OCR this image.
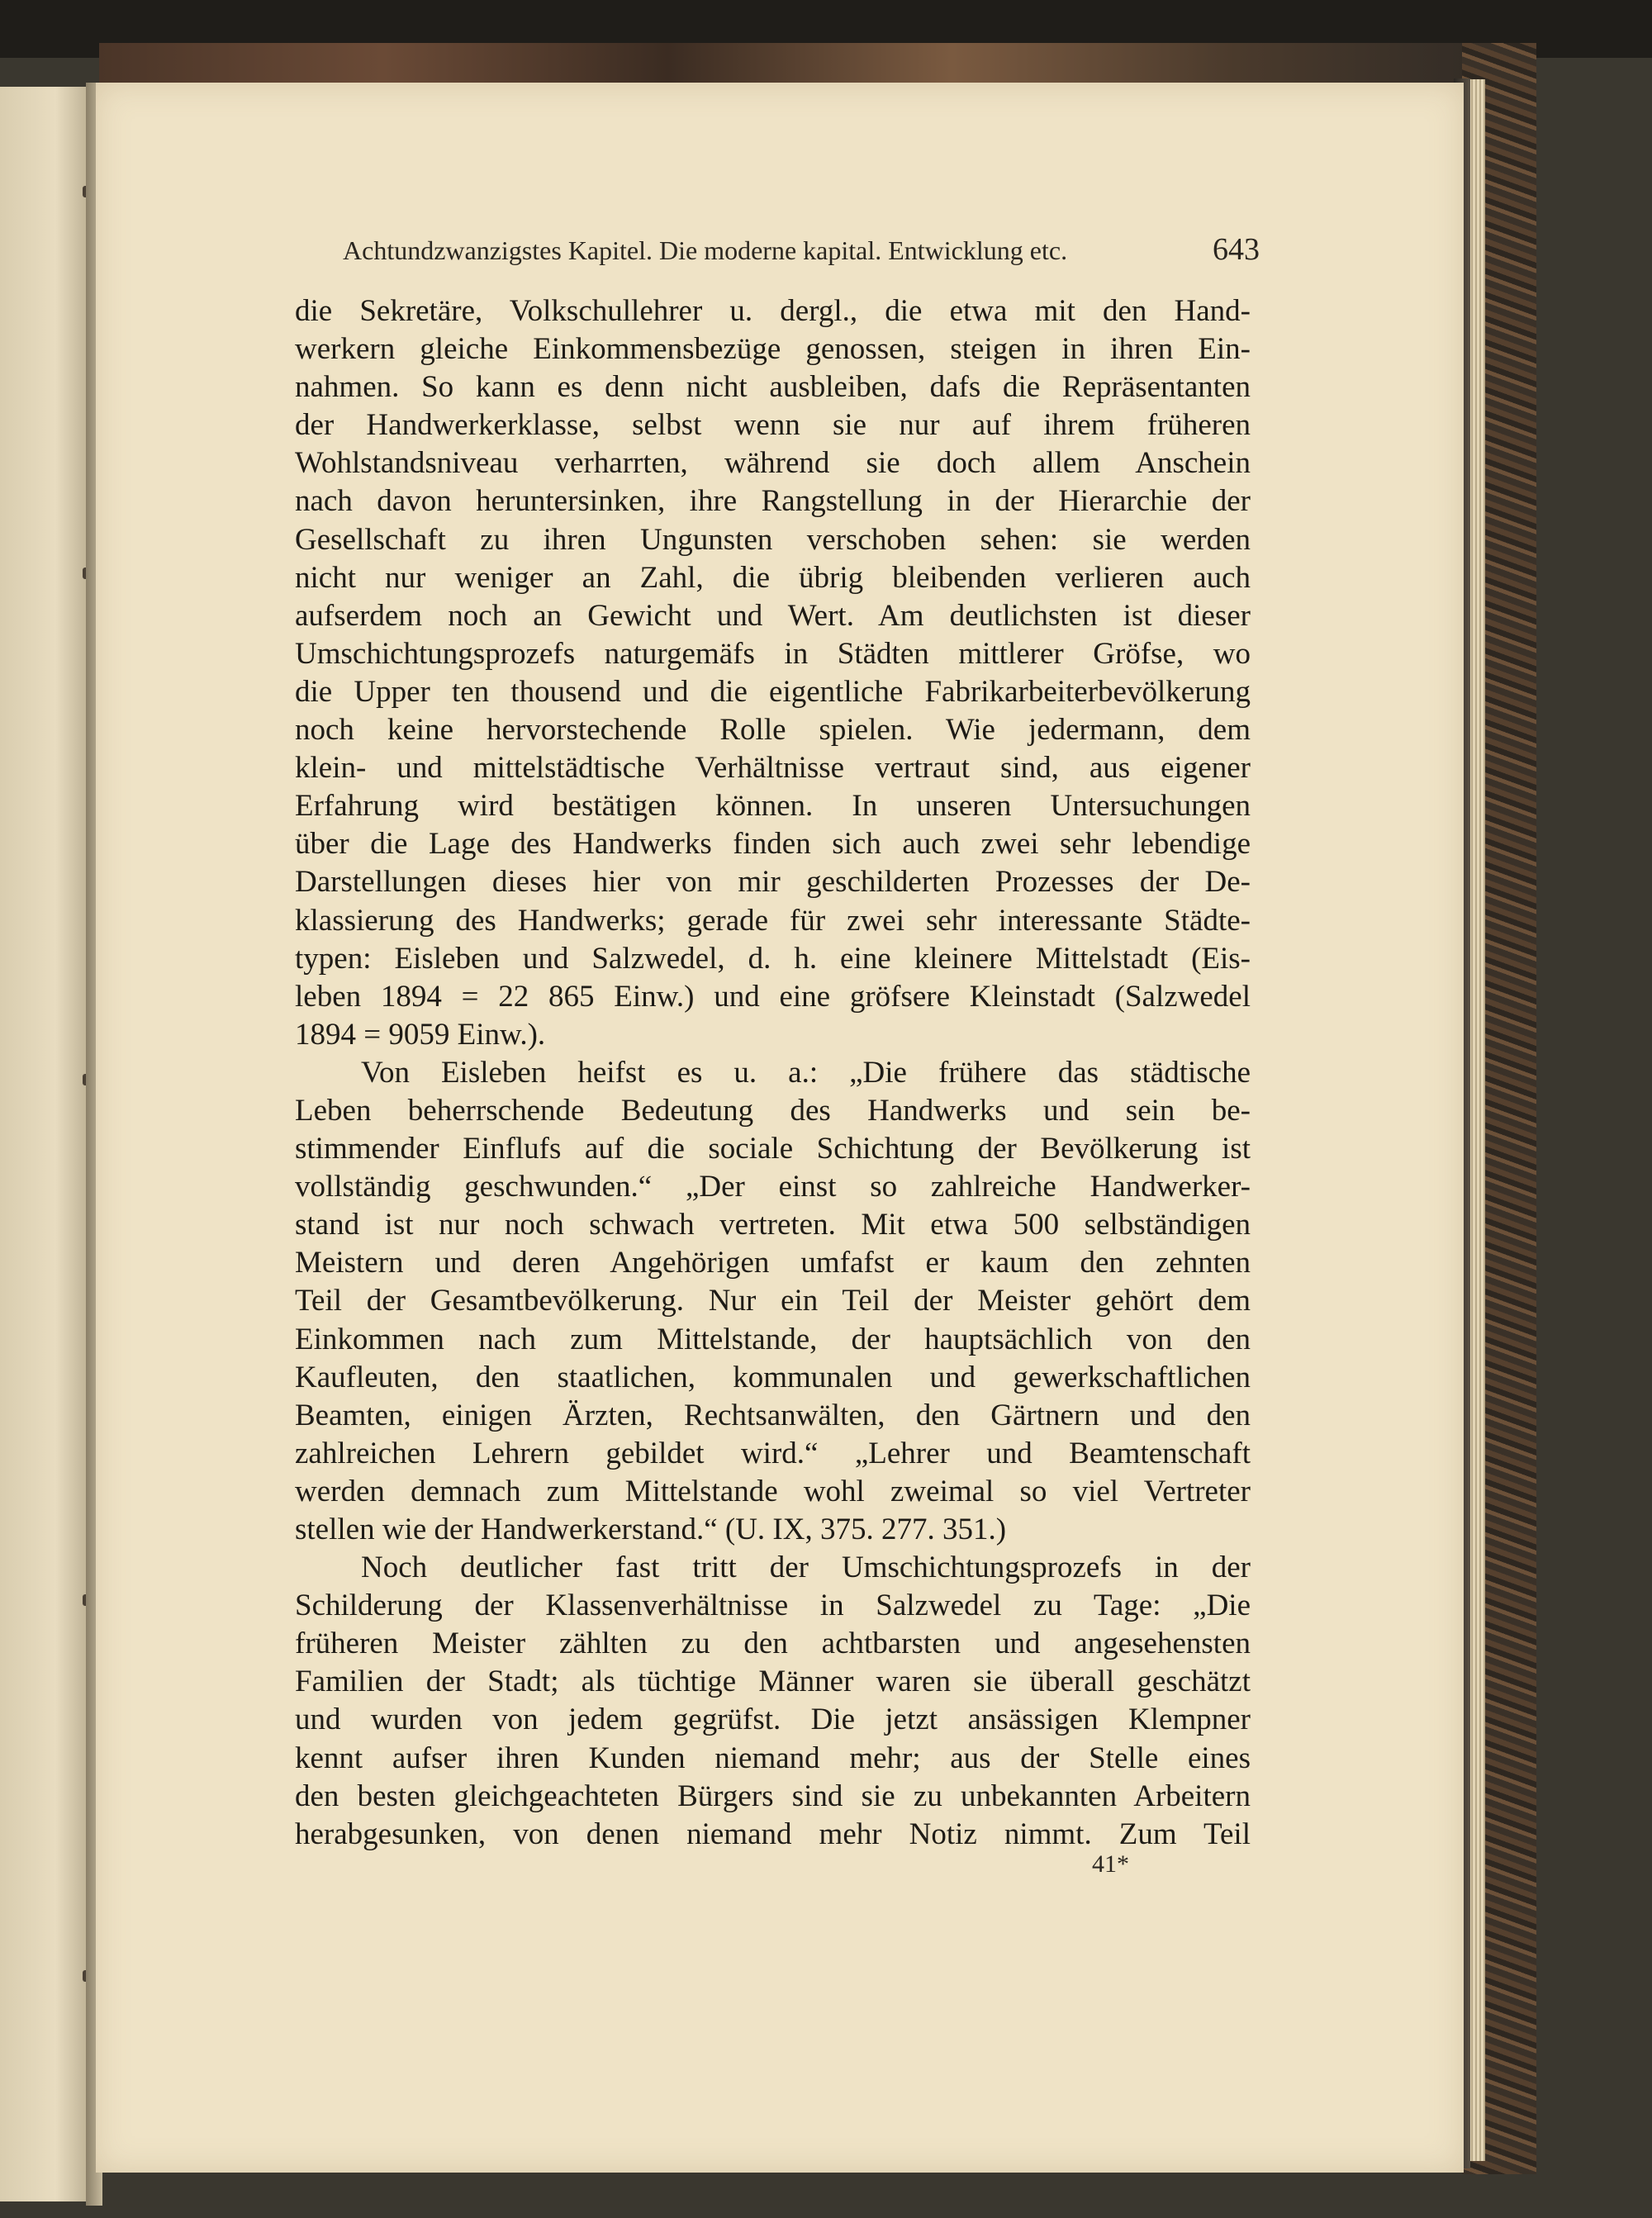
Achtundzwanzigstes Kapitel. Die moderne kapital. Entwicklung etc.	643
die Sekretäre, Volkschullehrer u. dergl., die etwa mit den Hand-
werkern gleiche Einkommensbezüge genossen, steigen in ihren Ein-
nahmen. So kann es denn nicht ausbleiben, dafs die Repräsentanten
der Handwerkerklasse, selbst wenn sie nur auf ihrem früheren
Wohlstandsniveau verharrten, während sie doch allem Anschein
nach davon heruntersinken, ihre Rangstellung in der Hierarchie der
Gesellschaft zu ihren Ungunsten verschoben sehen: sie werden
nicht nur weniger an Zahl, die übrig bleibenden verlieren auch
aufserdem noch an Gewicht und Wert. Am deutlichsten ist dieser
Umschichtungsprozefs naturgemäfs in Städten mittlerer Gröfse, wo
die Upper ten thousend und die eigentliche Fabrikarbeiterbevölkerung
noch keine hervorstechende Rolle spielen. Wie jedermann, dem
klein- und mittelstädtische Verhältnisse vertraut sind, aus eigener
Erfahrung wird bestätigen können. In unseren Untersuchungen
über die Lage des Handwerks finden sich auch zwei sehr lebendige
Darstellungen dieses hier von mir geschilderten Prozesses der De-
klassierung des Handwerks; gerade für zwei sehr interessante Städte-
typen: Eisleben und Salzwedel, d. h. eine kleinere Mittelstadt (Eis-
leben 1894 = 22 865 Einw.) und eine gröfsere Kleinstadt (Salzwedel
1894 = 9059 Einw.).
Von Eisleben heifst es u. a.: „Die frühere das städtische
Leben beherrschende Bedeutung des Handwerks und sein be-
stimmender Einflufs auf die sociale Schichtung der Bevölkerung ist
vollständig geschwunden.“ „Der einst so zahlreiche Handwerker-
stand ist nur noch schwach vertreten. Mit etwa 500 selbständigen
Meistern und deren Angehörigen umfafst er kaum den zehnten
Teil der Gesamtbevölkerung. Nur ein Teil der Meister gehört dem
Einkommen nach zum Mittelstande, der hauptsächlich von den
Kaufleuten, den staatlichen, kommunalen und gewerkschaftlichen
Beamten, einigen Ärzten, Rechtsanwälten, den Gärtnern und den
zahlreichen Lehrern gebildet wird.“ „Lehrer und Beamtenschaft
werden demnach zum Mittelstande wohl zweimal so viel Vertreter
stellen wie der Handwerkerstand.“ (U. IX, 375. 277. 351.)
Noch deutlicher fast tritt der Umschichtungsprozefs in der
Schilderung der Klassenverhältnisse in Salzwedel zu Tage: „Die
früheren Meister zählten zu den achtbarsten und angesehensten
Familien der Stadt; als tüchtige Männer waren sie überall geschätzt
und wurden von jedem gegrüfst. Die jetzt ansässigen Klempner
kennt aufser ihren Kunden niemand mehr; aus der Stelle eines
den besten gleichgeachteten Bürgers sind sie zu unbekannten Arbeitern
herabgesunken, von denen niemand mehr Notiz nimmt. Zum Teil
41*
